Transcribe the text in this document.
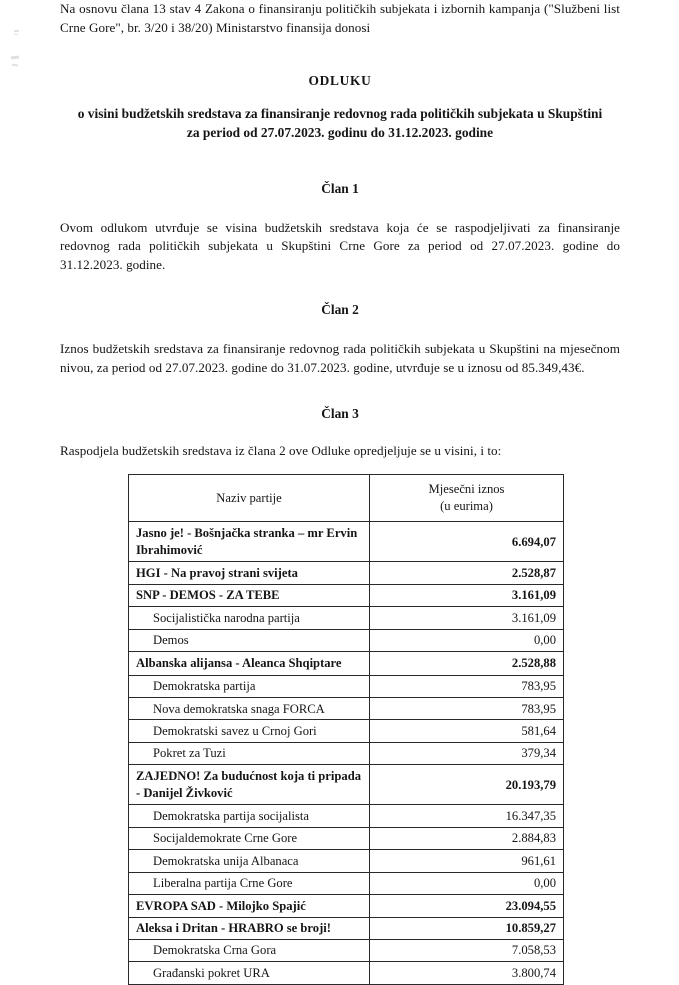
Na osnovu člana 13 stav 4 Zakona o finansiranju političkih subjekata i izbornih kampanja ("Službeni list Crne Gore", br. 3/20 i 38/20) Ministarstvo finansija donosi

ODLUKU

o visini budžetskih sredstava za finansiranje redovnog rada političkih subjekata u Skupštini
za period od 27.07.2023. godinu do 31.12.2023. godine

Član 1

Ovom odlukom utvrđuje se visina budžetskih sredstava koja će se raspodjeljivati za finansiranje redovnog rada političkih subjekata u Skupštini Crne Gore za period od 27.07.2023. godine do 31.12.2023. godine.

Član 2

Iznos budžetskih sredstava za finansiranje redovnog rada političkih subjekata u Skupštini na mjesečnom nivou, za period od 27.07.2023. godine do 31.07.2023. godine, utvrđuje se u iznosu od 85.349,43€.

Član 3

Raspodjela budžetskih sredstava iz člana 2 ove Odluke opredjeljuje se u visini, i to:

Naziv partije	Mjesečni iznos
(u eurima)
Jasno je! - Bošnjačka stranka – mr Ervin Ibrahimović	6.694,07
HGI - Na pravoj strani svijeta	2.528,87
SNP - DEMOS - ZA TEBE	3.161,09
Socijalistička narodna partija	3.161,09
Demos	0,00
Albanska alijansa - Aleanca Shqiptare	2.528,88
Demokratska partija	783,95
Nova demokratska snaga FORCA	783,95
Demokratski savez u Crnoj Gori	581,64
Pokret za Tuzi	379,34
ZAJEDNO! Za budućnost koja ti pripada - Danijel Živković	20.193,79
Demokratska partija socijalista	16.347,35
Socijaldemokrate Crne Gore	2.884,83
Demokratska unija Albanaca	961,61
Liberalna partija Crne Gore	0,00
EVROPA SAD - Milojko Spajić	23.094,55
Aleksa i Dritan - HRABRO se broji!	10.859,27
Demokratska Crna Gora	7.058,53
Građanski pokret URA	3.800,74
